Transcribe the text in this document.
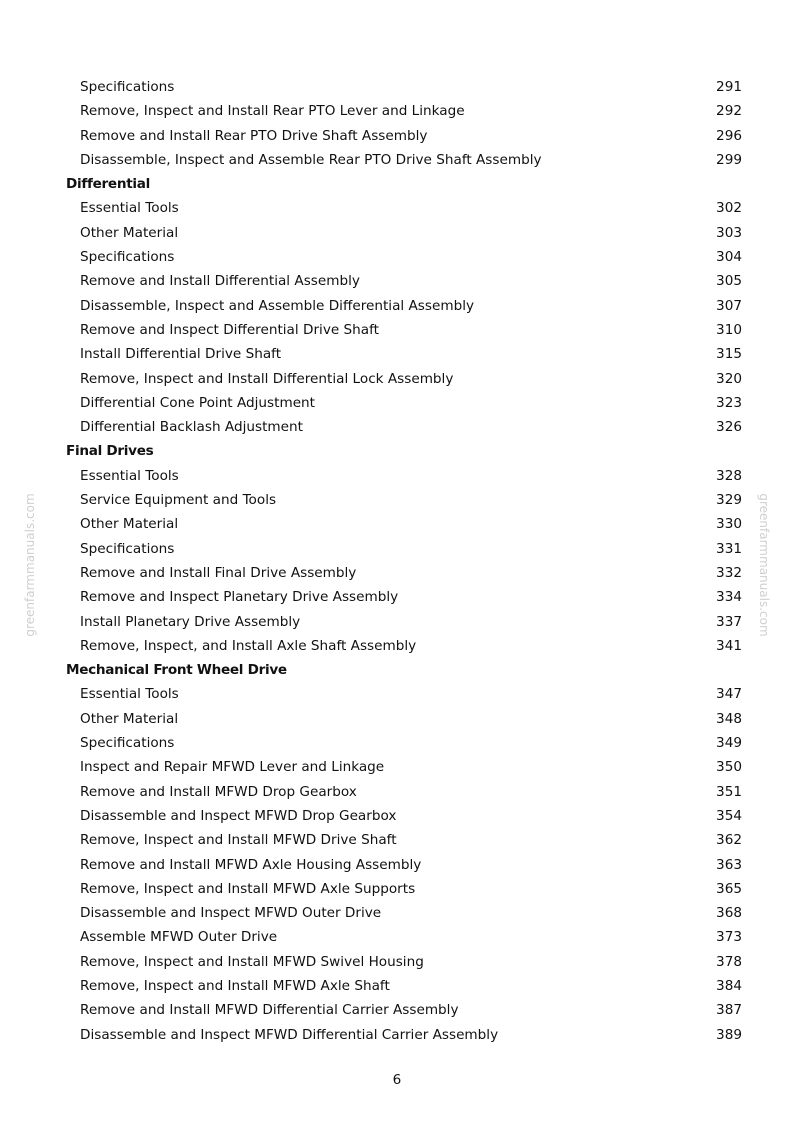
greenfarmmanuals.com	greenfarmmanuals.com
Specifications	291
Remove, Inspect and Install Rear PTO Lever and Linkage	292
Remove and Install Rear PTO Drive Shaft Assembly	296
Disassemble, Inspect and Assemble Rear PTO Drive Shaft Assembly	299
Differential
Essential Tools	302
Other Material	303
Specifications	304
Remove and Install Differential Assembly	305
Disassemble, Inspect and Assemble Differential Assembly	307
Remove and Inspect Differential Drive Shaft	310
Install Differential Drive Shaft	315
Remove, Inspect and Install Differential Lock Assembly	320
Differential Cone Point Adjustment	323
Differential Backlash Adjustment	326
Final Drives
Essential Tools	328
Service Equipment and Tools	329
Other Material	330
Specifications	331
Remove and Install Final Drive Assembly	332
Remove and Inspect Planetary Drive Assembly	334
Install Planetary Drive Assembly	337
Remove, Inspect, and Install Axle Shaft Assembly	341
Mechanical Front Wheel Drive
Essential Tools	347
Other Material	348
Specifications	349
Inspect and Repair MFWD Lever and Linkage	350
Remove and Install MFWD Drop Gearbox	351
Disassemble and Inspect MFWD Drop Gearbox	354
Remove, Inspect and Install MFWD Drive Shaft	362
Remove and Install MFWD Axle Housing Assembly	363
Remove, Inspect and Install MFWD Axle Supports	365
Disassemble and Inspect MFWD Outer Drive	368
Assemble MFWD Outer Drive	373
Remove, Inspect and Install MFWD Swivel Housing	378
Remove, Inspect and Install MFWD Axle Shaft	384
Remove and Install MFWD Differential Carrier Assembly	387
Disassemble and Inspect MFWD Differential Carrier Assembly	389
6
